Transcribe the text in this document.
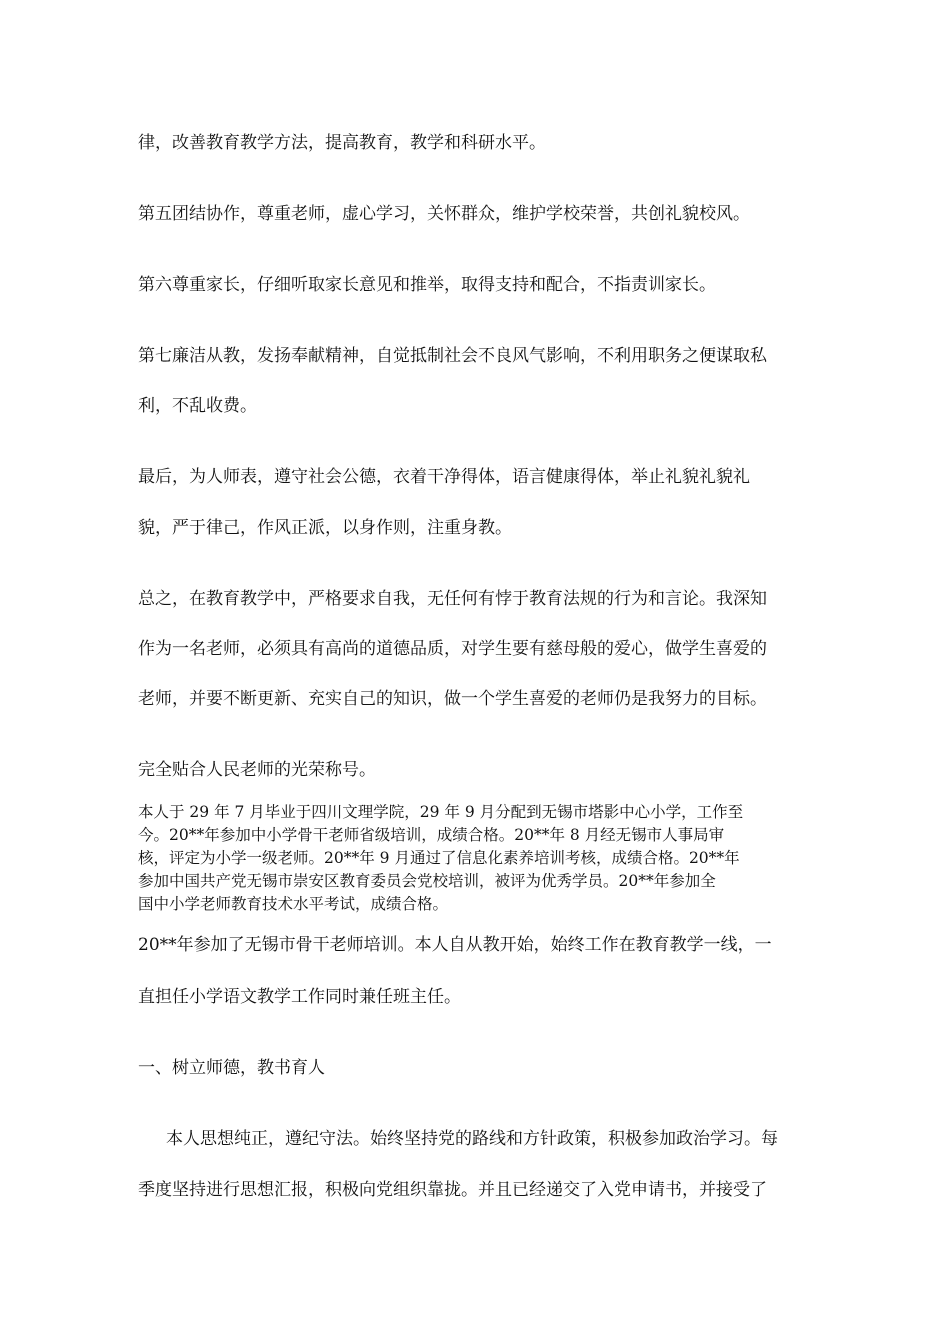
律，改善教育教学方法，提高教育，教学和科研水平。

第五团结协作，尊重老师，虚心学习，关怀群众，维护学校荣誉，共创礼貌校风。

第六尊重家长，仔细听取家长意见和推举，取得支持和配合，不指责训家长。

第七廉洁从教，发扬奉献精神，自觉抵制社会不良风气影响，不利用职务之便谋取私

利，不乱收费。

最后，为人师表，遵守社会公德，衣着干净得体，语言健康得体，举止礼貌礼貌礼

貌，严于律己，作风正派，以身作则，注重身教。

总之，在教育教学中，严格要求自我，无任何有悖于教育法规的行为和言论。我深知

作为一名老师，必须具有高尚的道德品质，对学生要有慈母般的爱心，做学生喜爱的

老师，并要不断更新、充实自己的知识，做一个学生喜爱的老师仍是我努力的目标。

完全贴合人民老师的光荣称号。

本人于 29 年 7 月毕业于四川文理学院，29 年 9 月分配到无锡市塔影中心小学，工作至
今。20**年参加中小学骨干老师省级培训，成绩合格。20**年 8 月经无锡市人事局审
核，评定为小学一级老师。20**年 9 月通过了信息化素养培训考核，成绩合格。20**年
参加中国共产党无锡市崇安区教育委员会党校培训，被评为优秀学员。20**年参加全
国中小学老师教育技术水平考试，成绩合格。

20**年参加了无锡市骨干老师培训。本人自从教开始，始终工作在教育教学一线，一

直担任小学语文教学工作同时兼任班主任。

一、树立师德，教书育人

本人思想纯正，遵纪守法。始终坚持党的路线和方针政策，积极参加政治学习。每

季度坚持进行思想汇报，积极向党组织靠拢。并且已经递交了入党申请书，并接受了
